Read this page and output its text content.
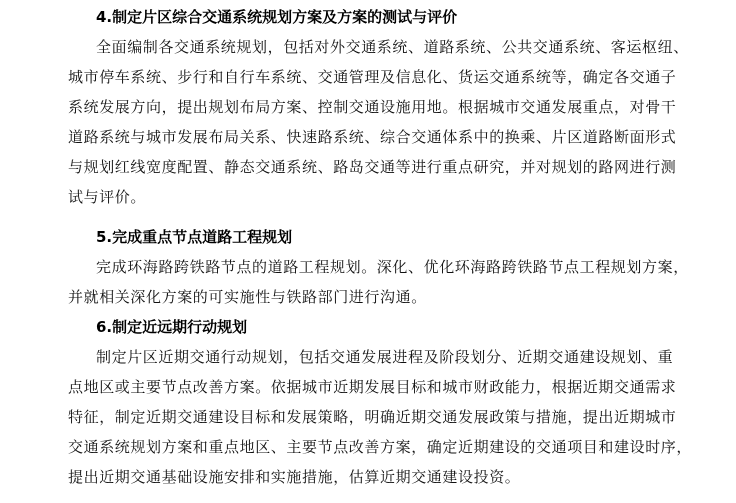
4.制定片区综合交通系统规划方案及方案的测试与评价
全面编制各交通系统规划，包括对外交通系统、道路系统、公共交通系统、客运枢纽、
城市停车系统、步行和自行车系统、交通管理及信息化、货运交通系统等，确定各交通子
系统发展方向，提出规划布局方案、控制交通设施用地。根据城市交通发展重点，对骨干
道路系统与城市发展布局关系、快速路系统、综合交通体系中的换乘、片区道路断面形式
与规划红线宽度配置、静态交通系统、路岛交通等进行重点研究，并对规划的路网进行测
试与评价。
5.完成重点节点道路工程规划
完成环海路跨铁路节点的道路工程规划。深化、优化环海路跨铁路节点工程规划方案，
并就相关深化方案的可实施性与铁路部门进行沟通。
6.制定近远期行动规划
制定片区近期交通行动规划，包括交通发展进程及阶段划分、近期交通建设规划、重
点地区或主要节点改善方案。依据城市近期发展目标和城市财政能力，根据近期交通需求
特征，制定近期交通建设目标和发展策略，明确近期交通发展政策与措施，提出近期城市
交通系统规划方案和重点地区、主要节点改善方案，确定近期建设的交通项目和建设时序，
提出近期交通基础设施安排和实施措施，估算近期交通建设投资。
